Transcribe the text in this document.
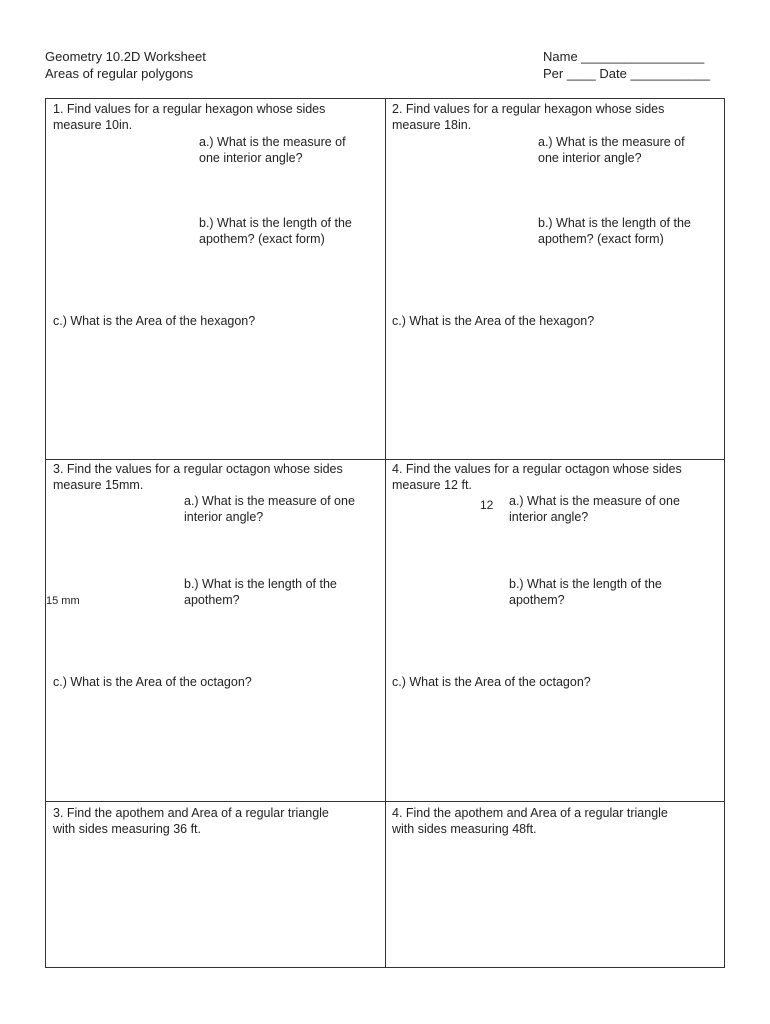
Geometry 10.2D Worksheet
Areas of regular polygons
Name _________________
Per ____ Date ___________
1. Find values for a regular hexagon whose sides
measure 10in.
a.) What is the measure of
one interior angle?
b.) What is the length of the
apothem? (exact form)
c.) What is the Area of the hexagon?
2. Find values for a regular hexagon whose sides
measure 18in.
a.) What is the measure of
one interior angle?
b.) What is the length of the
apothem? (exact form)
c.) What is the Area of the hexagon?
3. Find the values for a regular octagon whose sides
measure 15mm.
15 mm
a.) What is the measure of one
interior angle?
b.) What is the length of the
apothem?
c.) What is the Area of the octagon?
4. Find the values for a regular octagon whose sides
measure 12 ft.
12 a.) What is the measure of one
interior angle?
b.) What is the length of the
apothem?
c.) What is the Area of the octagon?
3. Find the apothem and Area of a regular triangle
with sides measuring 36 ft.
4. Find the apothem and Area of a regular triangle
with sides measuring 48ft.
